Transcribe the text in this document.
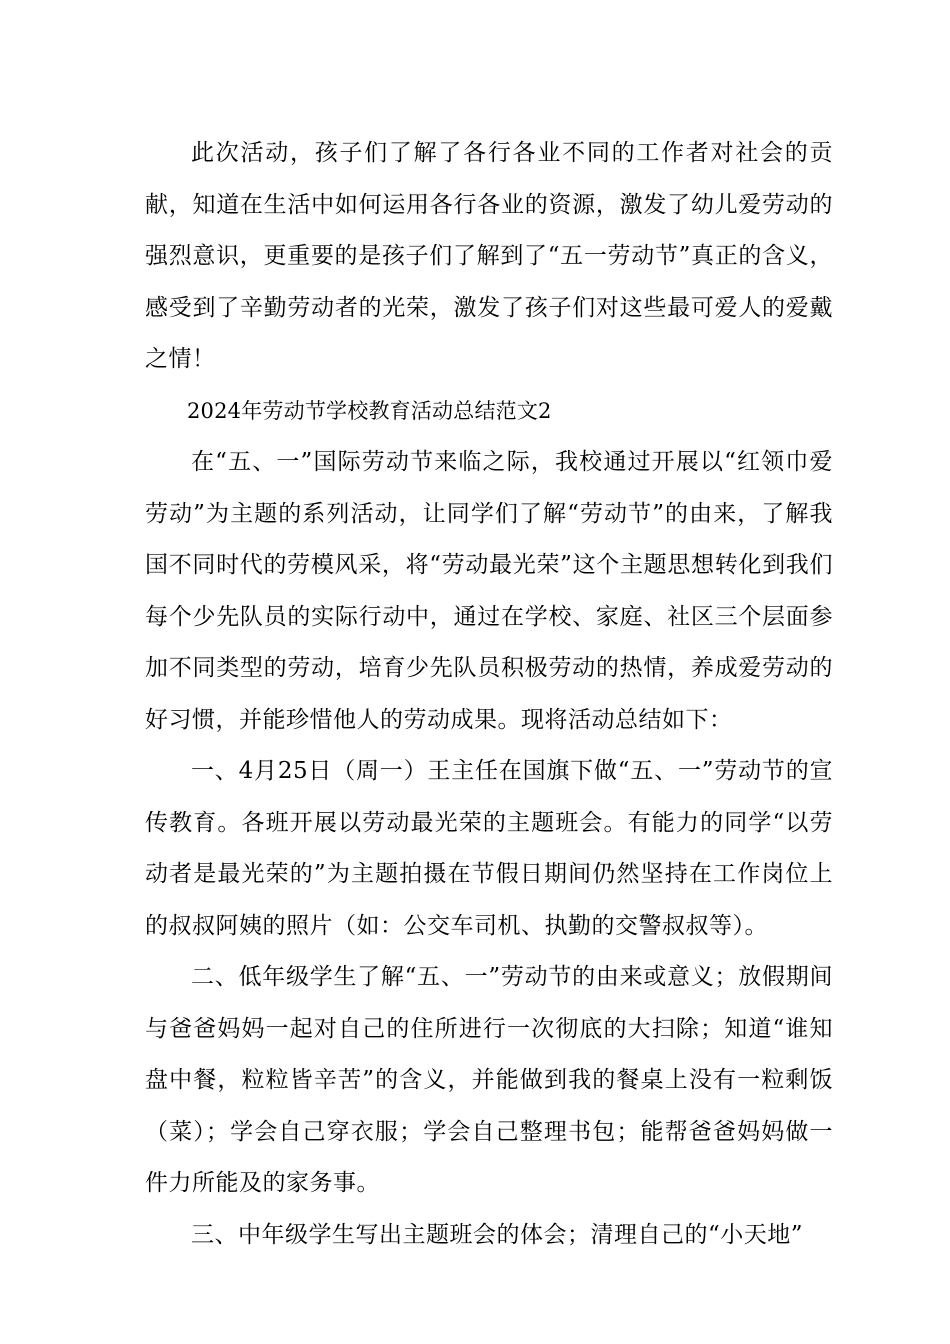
此次活动，孩子们了解了各行各业不同的工作者对社会的贡献，知道在生活中如何运用各行各业的资源，激发了幼儿爱劳动的强烈意识，更重要的是孩子们了解到了“五一劳动节”真正的含义，感受到了辛勤劳动者的光荣，激发了孩子们对这些最可爱人的爱戴之情！

2024年劳动节学校教育活动总结范文2

在“五、一”国际劳动节来临之际，我校通过开展以“红领巾爱劳动”为主题的系列活动，让同学们了解“劳动节”的由来，了解我国不同时代的劳模风采，将“劳动最光荣”这个主题思想转化到我们每个少先队员的实际行动中，通过在学校、家庭、社区三个层面参加不同类型的劳动，培育少先队员积极劳动的热情，养成爱劳动的好习惯，并能珍惜他人的劳动成果。现将活动总结如下：

一、4月25日（周一）王主任在国旗下做“五、一”劳动节的宣传教育。各班开展以劳动最光荣的主题班会。有能力的同学“以劳动者是最光荣的”为主题拍摄在节假日期间仍然坚持在工作岗位上的叔叔阿姨的照片（如：公交车司机、执勤的交警叔叔等）。

二、低年级学生了解“五、一”劳动节的由来或意义；放假期间与爸爸妈妈一起对自己的住所进行一次彻底的大扫除；知道“谁知盘中餐，粒粒皆辛苦”的含义，并能做到我的餐桌上没有一粒剩饭（菜）；学会自己穿衣服；学会自己整理书包；能帮爸爸妈妈做一件力所能及的家务事。

三、中年级学生写出主题班会的体会；清理自己的“小天地”
